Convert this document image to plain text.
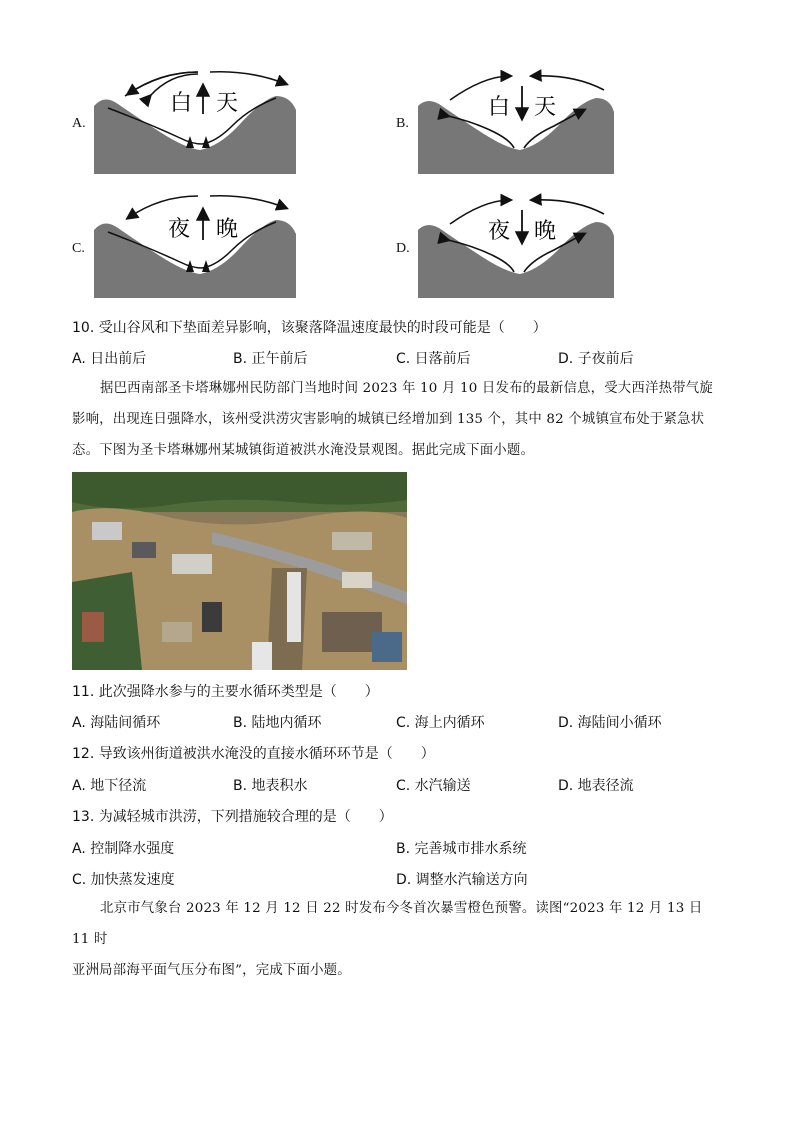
A.
白 天
B.
白 天
C.
夜 晚
D.
夜 晚
10. 受山谷风和下垫面差异影响，该聚落降温速度最快的时段可能是（　　）
A. 日出前后	B. 正午前后	C. 日落前后	D. 子夜前后
据巴西南部圣卡塔琳娜州民防部门当地时间 2023 年 10 月 10 日发布的最新信息，受大西洋热带气旋
影响，出现连日强降水，该州受洪涝灾害影响的城镇已经增加到 135 个，其中 82 个城镇宣布处于紧急状
态。下图为圣卡塔琳娜州某城镇街道被洪水淹没景观图。据此完成下面小题。
11. 此次强降水参与的主要水循环类型是（　　）
A. 海陆间循环	B. 陆地内循环	C. 海上内循环	D. 海陆间小循环
12. 导致该州街道被洪水淹没的直接水循环环节是（　　）
A. 地下径流	B. 地表积水	C. 水汽输送	D. 地表径流
13. 为减轻城市洪涝，下列措施较合理的是（　　）
A. 控制降水强度	B. 完善城市排水系统
C. 加快蒸发速度	D. 调整水汽输送方向
北京市气象台 2023 年 12 月 12 日 22 时发布今冬首次暴雪橙色预警。读图“2023 年 12 月 13 日 11 时
亚洲局部海平面气压分布图”，完成下面小题。
